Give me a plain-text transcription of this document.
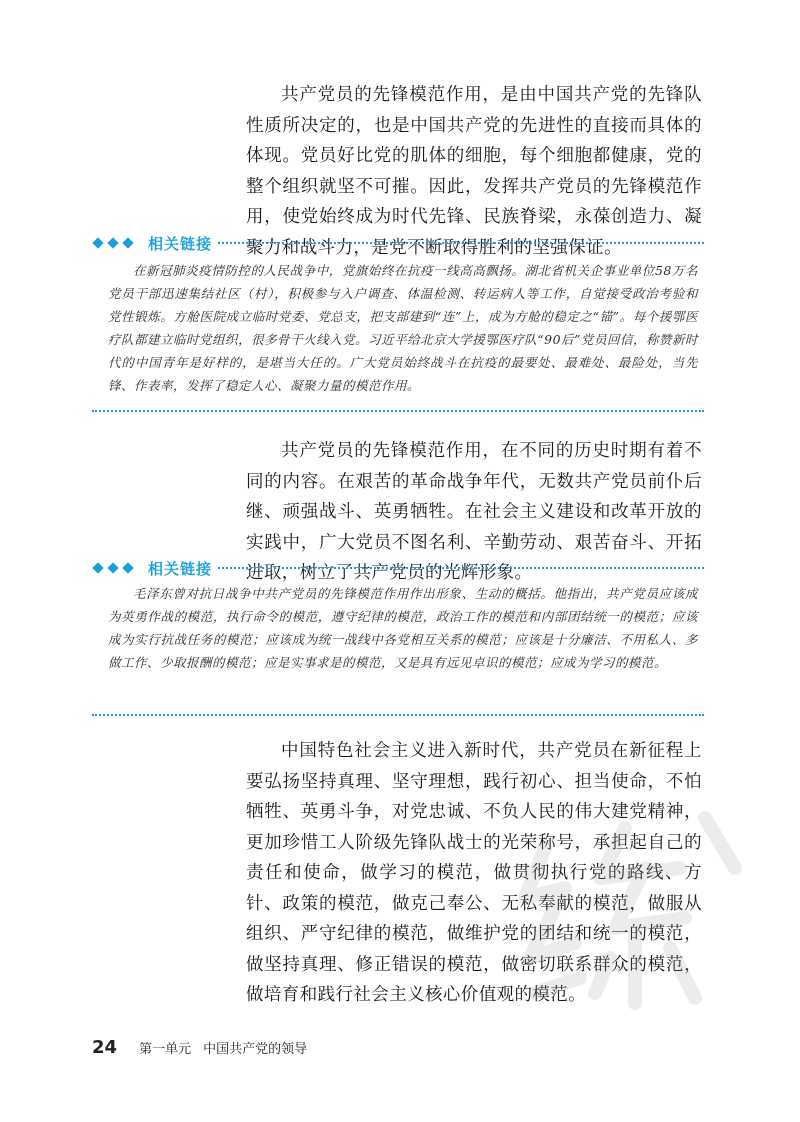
共产党员的先锋模范作用，是由中国共产党的先锋队性质所决定的，也是中国共产党的先进性的直接而具体的体现。党员好比党的肌体的细胞，每个细胞都健康，党的整个组织就坚不可摧。因此，发挥共产党员的先锋模范作用，使党始终成为时代先锋、民族脊梁，永葆创造力、凝聚力和战斗力，是党不断取得胜利的坚强保证。

相关链接

在新冠肺炎疫情防控的人民战争中，党旗始终在抗疫一线高高飘扬。湖北省机关企事业单位58万名党员干部迅速集结社区（村），积极参与入户调查、体温检测、转运病人等工作，自觉接受政治考验和党性锻炼。方舱医院成立临时党委、党总支，把支部建到“连”上，成为方舱的稳定之“锚”。每个援鄂医疗队都建立临时党组织，很多骨干火线入党。习近平给北京大学援鄂医疗队“90后”党员回信，称赞新时代的中国青年是好样的，是堪当大任的。广大党员始终战斗在抗疫的最要处、最难处、最险处，当先锋、作表率，发挥了稳定人心、凝聚力量的模范作用。

共产党员的先锋模范作用，在不同的历史时期有着不同的内容。在艰苦的革命战争年代，无数共产党员前仆后继、顽强战斗、英勇牺牲。在社会主义建设和改革开放的实践中，广大党员不图名利、辛勤劳动、艰苦奋斗、开拓进取，树立了共产党员的光辉形象。

相关链接

毛泽东曾对抗日战争中共产党员的先锋模范作用作出形象、生动的概括。他指出，共产党员应该成为英勇作战的模范，执行命令的模范，遵守纪律的模范，政治工作的模范和内部团结统一的模范；应该成为实行抗战任务的模范；应该成为统一战线中各党相互关系的模范；应该是十分廉洁、不用私人、多做工作、少取报酬的模范；应是实事求是的模范，又是具有远见卓识的模范；应成为学习的模范。

中国特色社会主义进入新时代，共产党员在新征程上要弘扬坚持真理、坚守理想，践行初心、担当使命，不怕牺牲、英勇斗争，对党忠诚、不负人民的伟大建党精神，更加珍惜工人阶级先锋队战士的光荣称号，承担起自己的责任和使命，做学习的模范，做贯彻执行党的路线、方针、政策的模范，做克己奉公、无私奉献的模范，做服从组织、严守纪律的模范，做维护党的团结和统一的模范，做坚持真理、修正错误的模范，做密切联系群众的模范，做培育和践行社会主义核心价值观的模范。

24 第一单元 中国共产党的领导
